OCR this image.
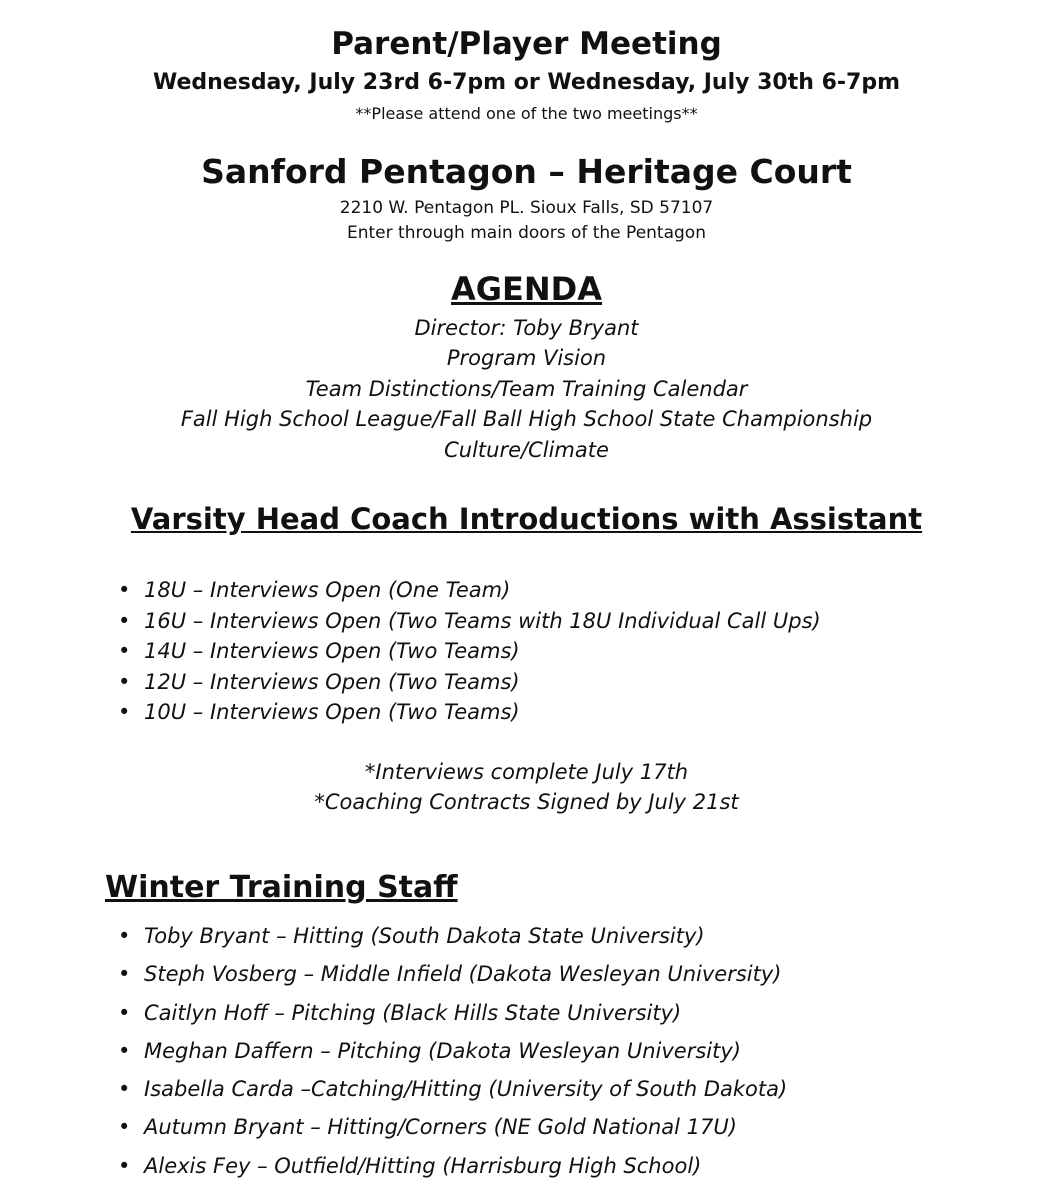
Parent/Player Meeting
Wednesday, July 23rd 6-7pm or Wednesday, July 30th 6-7pm
**Please attend one of the two meetings**
Sanford Pentagon – Heritage Court
2210 W. Pentagon PL. Sioux Falls, SD 57107
Enter through main doors of the Pentagon
AGENDA
Director: Toby Bryant
Program Vision
Team Distinctions/Team Training Calendar
Fall High School League/Fall Ball High School State Championship
Culture/Climate
Varsity Head Coach Introductions with Assistant
• 18U – Interviews Open (One Team)
• 16U – Interviews Open (Two Teams with 18U Individual Call Ups)
• 14U – Interviews Open (Two Teams)
• 12U – Interviews Open (Two Teams)
• 10U – Interviews Open (Two Teams)
*Interviews complete July 17th
*Coaching Contracts Signed by July 21st
Winter Training Staff
• Toby Bryant – Hitting (South Dakota State University)
• Steph Vosberg – Middle Infield (Dakota Wesleyan University)
• Caitlyn Hoff – Pitching (Black Hills State University)
• Meghan Daffern – Pitching (Dakota Wesleyan University)
• Isabella Carda –Catching/Hitting (University of South Dakota)
• Autumn Bryant – Hitting/Corners (NE Gold National 17U)
• Alexis Fey – Outfield/Hitting (Harrisburg High School)
